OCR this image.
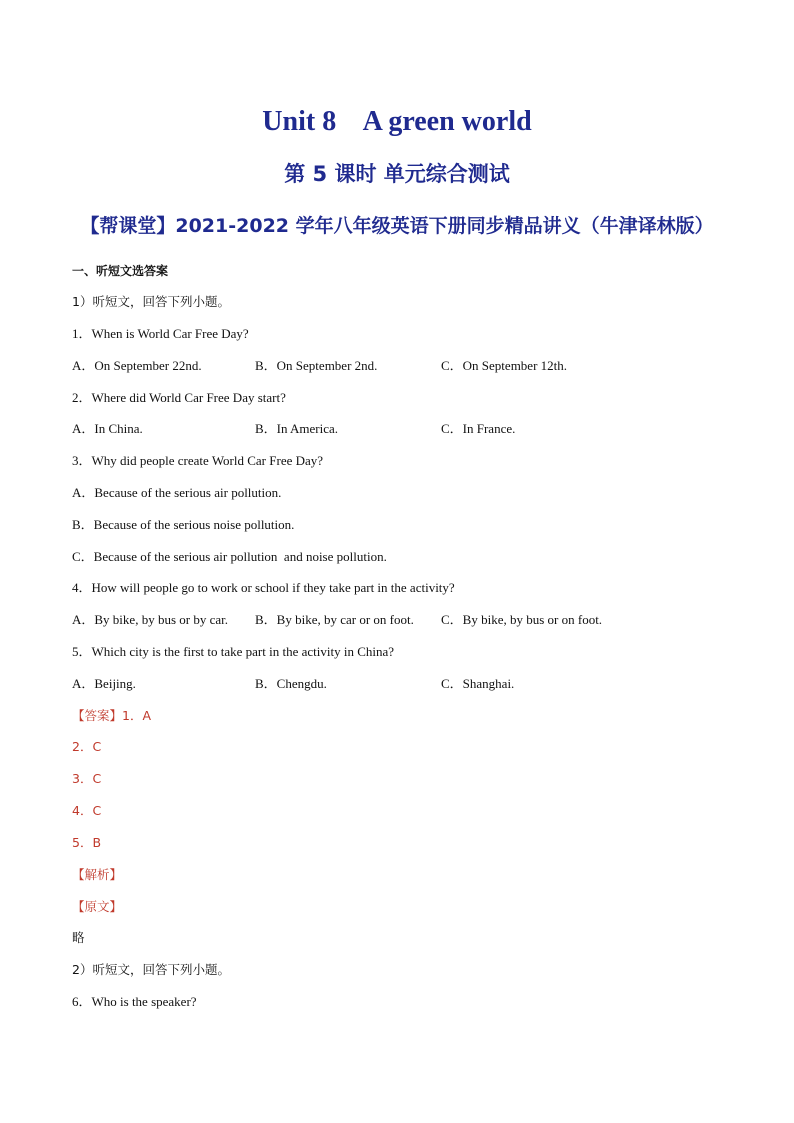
Unit 8    A green world
第 5 课时 单元综合测试
【帮课堂】2021-2022 学年八年级英语下册同步精品讲义（牛津译林版）
一、听短文选答案
1）听短文，回答下列小题。
1．When is World Car Free Day?
A．On September 22nd.	B．On September 2nd.	C．On September 12th.
2．Where did World Car Free Day start?
A．In China.	B．In America.	C．In France.
3．Why did people create World Car Free Day?
A．Because of the serious air pollution.
B．Because of the serious noise pollution.
C．Because of the serious air pollution  and noise pollution.
4．How will people go to work or school if they take part in the activity?
A．By bike, by bus or by car. B．By bike, by car or on foot. C．By bike, by bus or on foot.
5．Which city is the first to take part in the activity in China?
A．Beijing.	B．Chengdu.	C．Shanghai.
【答案】1．A
2．C
3．C
4．C
5．B
【解析】
【原文】
略
2）听短文，回答下列小题。
6．Who is the speaker?
